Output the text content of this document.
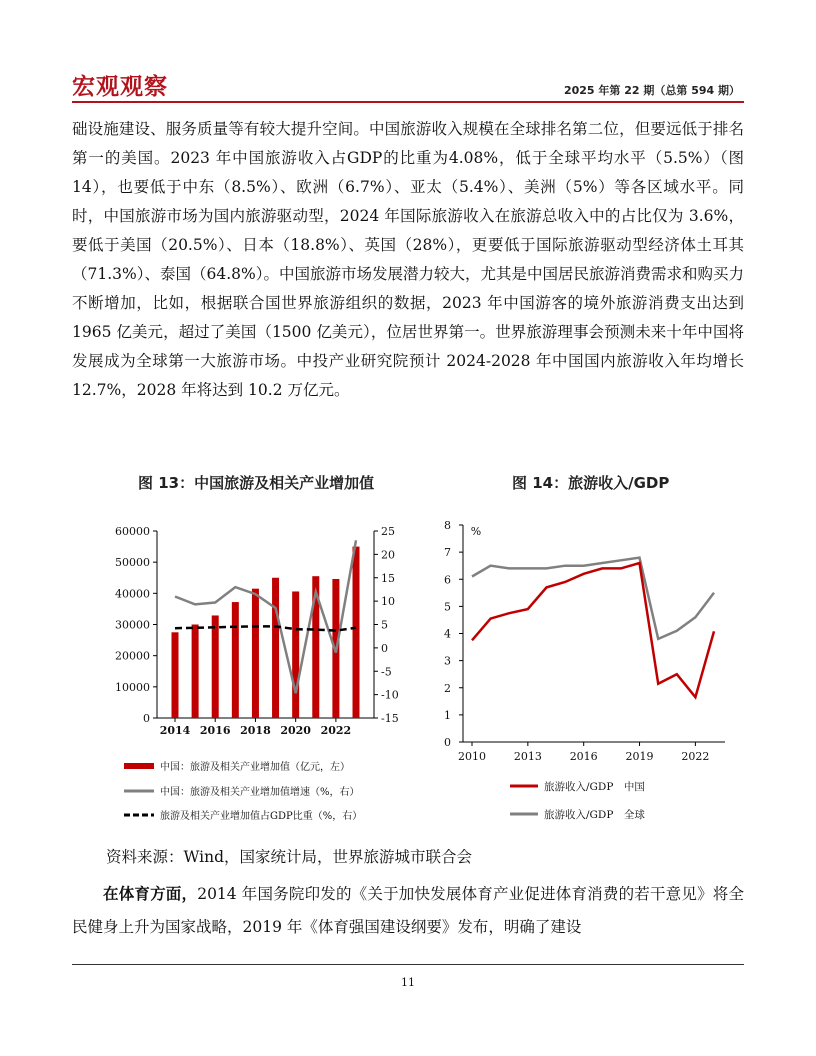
宏观观察	2025 年第 22 期（总第 594 期）

础设施建设、服务质量等有较大提升空间。中国旅游收入规模在全球排名第二位，但要远低于排名第一的美国。2023 年中国旅游收入占GDP的比重为4.08%，低于全球平均水平（5.5%）（图 14），也要低于中东（8.5%）、欧洲（6.7%）、亚太（5.4%）、美洲（5%）等各区域水平。同时，中国旅游市场为国内旅游驱动型，2024 年国际旅游收入在旅游总收入中的占比仅为 3.6%，要低于美国（20.5%）、日本（18.8%）、英国（28%），更要低于国际旅游驱动型经济体土耳其（71.3%）、泰国（64.8%）。中国旅游市场发展潜力较大，尤其是中国居民旅游消费需求和购买力不断增加，比如，根据联合国世界旅游组织的数据，2023 年中国游客的境外旅游消费支出达到 1965 亿美元，超过了美国（1500 亿美元），位居世界第一。世界旅游理事会预测未来十年中国将发展成为全球第一大旅游市场。中投产业研究院预计 2024-2028 年中国国内旅游收入年均增长 12.7%，2028 年将达到 10.2 万亿元。

图 13：中国旅游及相关产业增加值	图 14：旅游收入/GDP
0
10000
20000
30000
40000
50000
60000
-15
-10
-5
0
5
10
15
20
25
2014 2016 2018 2020 2022
中国：旅游及相关产业增加值（亿元，左）
中国：旅游及相关产业增加值增速（%，右）
旅游及相关产业增加值占GDP比重（%，右）
0
1
2
3
4
5
6
7
8 %
2010	2013	2016	2019	2022
旅游收入/GDP　中国
旅游收入/GDP　全球
资料来源：Wind，国家统计局，世界旅游城市联合会
在体育方面，2014 年国务院印发的《关于加快发展体育产业促进体育消费的若干意见》将全民健身上升为国家战略，2019 年《体育强国建设纲要》发布，明确了建设
11
